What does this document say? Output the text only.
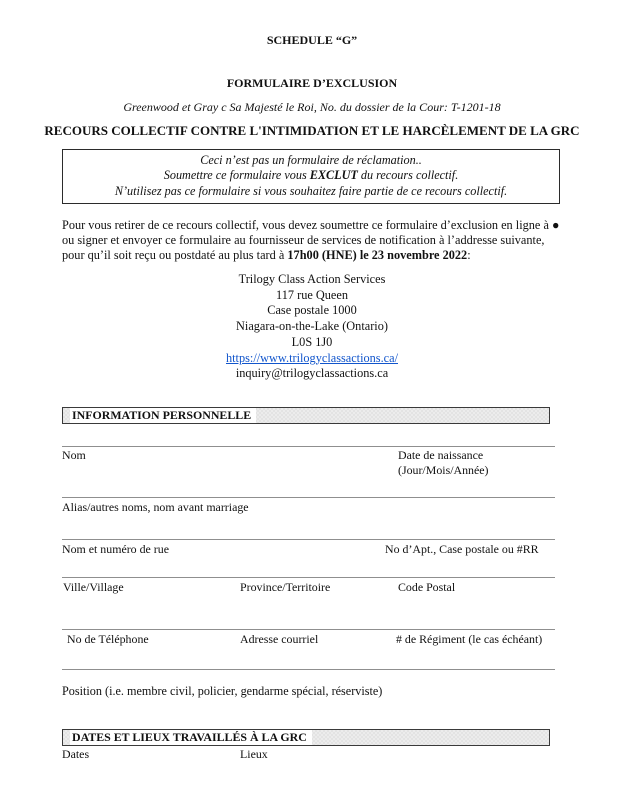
SCHEDULE “G”
FORMULAIRE D’EXCLUSION
Greenwood et Gray c Sa Majesté le Roi, No. du dossier de la Cour: T-1201-18
RECOURS COLLECTIF CONTRE L'INTIMIDATION ET LE HARCÈLEMENT DE LA GRC
Ceci n’est pas un formulaire de réclamation..
Soumettre ce formulaire vous EXCLUT du recours collectif.
N’utilisez pas ce formulaire si vous souhaitez faire partie de ce recours collectif.

Pour vous retirer de ce recours collectif, vous devez soumettre ce formulaire d’exclusion en ligne à ● ou signer et envoyer ce formulaire au fournisseur de services de notification à l’addresse suivante, pour qu’il soit reçu ou postdaté au plus tard à 17h00 (HNE) le 23 novembre 2022:

Trilogy Class Action Services
117 rue Queen
Case postale 1000
Niagara-on-the-Lake (Ontario)
L0S 1J0
https://www.trilogyclassactions.ca/
inquiry@trilogyclassactions.ca
INFORMATION PERSONNELLE
Nom	Date de naissance
(Jour/Mois/Année)
Alias/autres noms, nom avant marriage
Nom et numéro de rue	No d’Apt., Case postale ou #RR
Ville/Village	Province/Territoire	Code Postal
No de Téléphone	Adresse courriel	# de Régiment (le cas échéant)
Position (i.e. membre civil, policier, gendarme spécial, réserviste)
DATES ET LIEUX TRAVAILLÉS À LA GRC
Dates	Lieux
